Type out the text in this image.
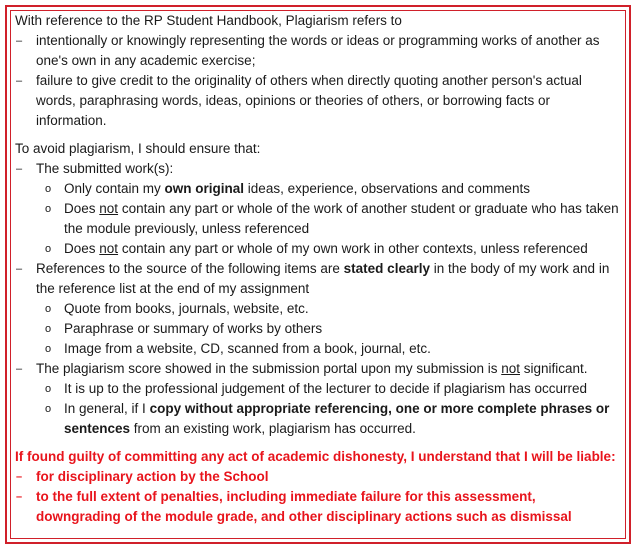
With reference to the RP Student Handbook, Plagiarism refers to

– intentionally or knowingly representing the words or ideas or programming works of another as one's own in any academic exercise;
– failure to give credit to the originality of others when directly quoting another person's actual words, paraphrasing words, ideas, opinions or theories of others, or borrowing facts or information.

To avoid plagiarism, I should ensure that:

– The submitted work(s):
o Only contain my own original ideas, experience, observations and comments
o Does not contain any part or whole of the work of another student or graduate who has taken the module previously, unless referenced
o Does not contain any part or whole of my own work in other contexts, unless referenced
– References to the source of the following items are stated clearly in the body of my work and in the reference list at the end of my assignment
o Quote from books, journals, website, etc.
o Paraphrase or summary of works by others
o Image from a website, CD, scanned from a book, journal, etc.
– The plagiarism score showed in the submission portal upon my submission is not significant.
o It is up to the professional judgement of the lecturer to decide if plagiarism has occurred
o In general, if I copy without appropriate referencing, one or more complete phrases or sentences from an existing work, plagiarism has occurred.

If found guilty of committing any act of academic dishonesty, I understand that I will be liable:

– for disciplinary action by the School
– to the full extent of penalties, including immediate failure for this assessment, downgrading of the module grade, and other disciplinary actions such as dismissal
